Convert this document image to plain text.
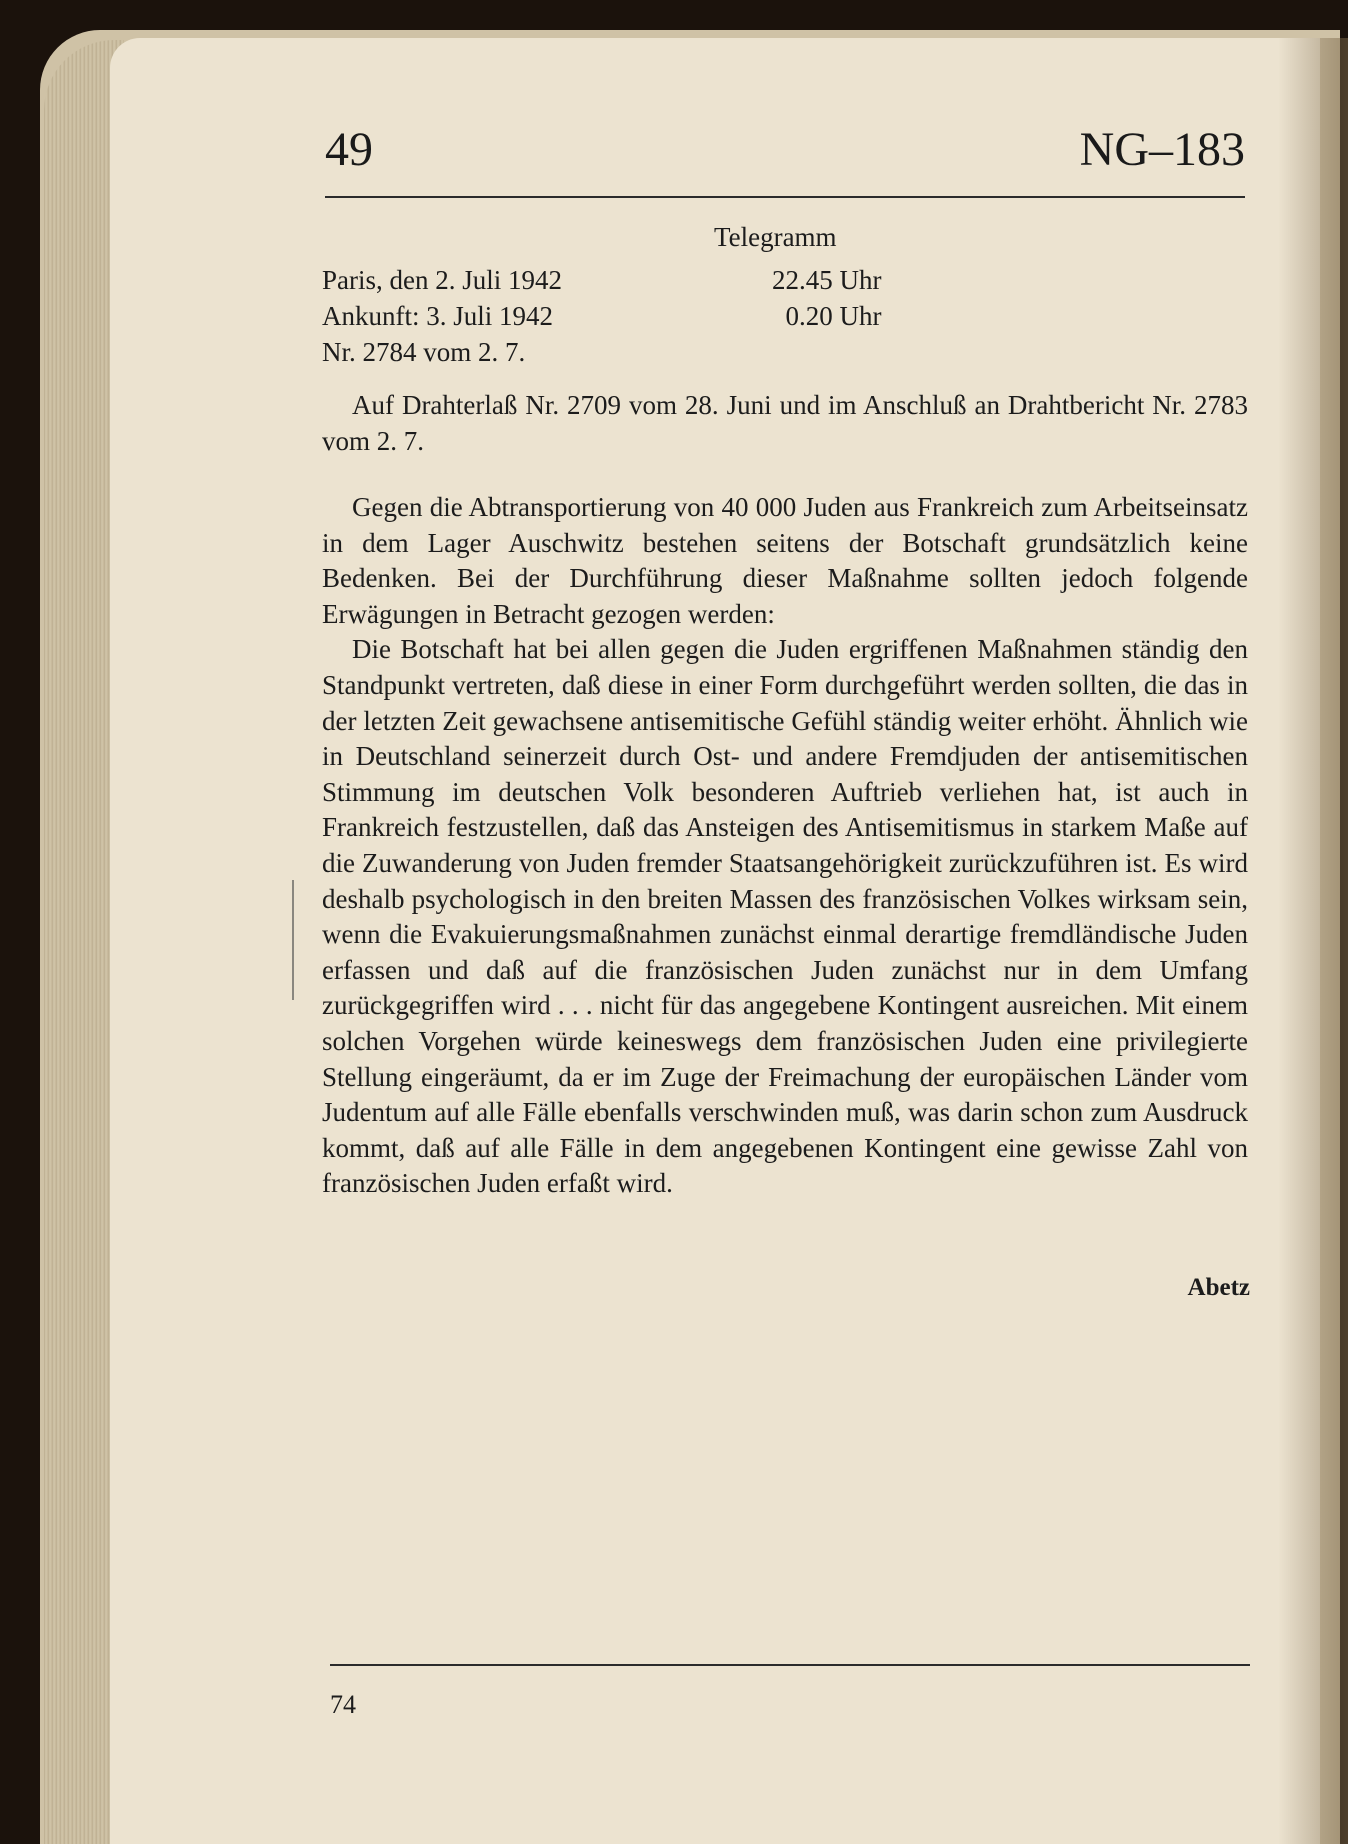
49	NG–183
Telegramm
Paris, den 2. Juli 1942
Ankunft: 3. Juli 1942
Nr. 2784 vom 2. 7.
22.45 Uhr
0.20 Uhr

Auf Drahterlaß Nr. 2709 vom 28. Juni und im Anschluß an Drahtbericht Nr. 2783 vom 2. 7.

Gegen die Abtransportierung von 40 000 Juden aus Frankreich zum Arbeitseinsatz in dem Lager Auschwitz bestehen seitens der Botschaft grundsätzlich keine Bedenken. Bei der Durchführung dieser Maßnahme sollten jedoch folgende Erwägungen in Betracht gezogen werden:

Die Botschaft hat bei allen gegen die Juden ergriffenen Maßnahmen ständig den Standpunkt vertreten, daß diese in einer Form durchgeführt werden sollten, die das in der letzten Zeit gewachsene antisemitische Gefühl ständig weiter erhöht. Ähnlich wie in Deutschland seinerzeit durch Ost- und andere Fremdjuden der antisemitischen Stimmung im deutschen Volk besonderen Auftrieb verliehen hat, ist auch in Frankreich festzustellen, daß das Ansteigen des Antisemitismus in starkem Maße auf die Zuwanderung von Juden fremder Staatsangehörigkeit zurückzuführen ist. Es wird deshalb psychologisch in den breiten Massen des französischen Volkes wirksam sein, wenn die Evakuierungsmaßnahmen zunächst einmal derartige fremdländische Juden erfassen und daß auf die französischen Juden zunächst nur in dem Umfang zurückgegriffen wird . . . nicht für das angegebene Kontingent ausreichen. Mit einem solchen Vorgehen würde keineswegs dem französischen Juden eine privilegierte Stellung eingeräumt, da er im Zuge der Freimachung der europäischen Länder vom Judentum auf alle Fälle ebenfalls verschwinden muß, was darin schon zum Ausdruck kommt, daß auf alle Fälle in dem angegebenen Kontingent eine gewisse Zahl von französischen Juden erfaßt wird.

Abetz
74
